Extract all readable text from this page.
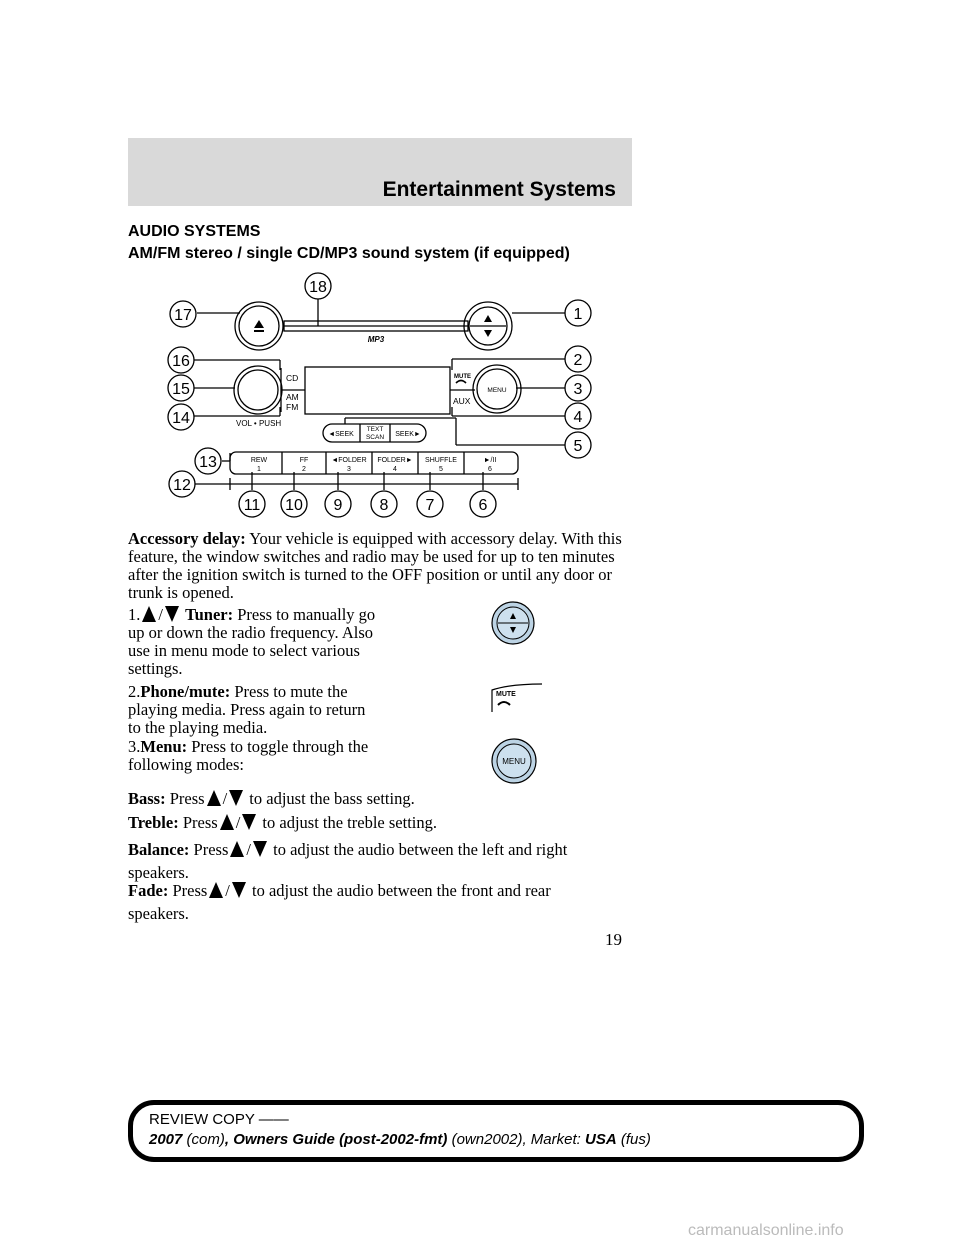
Entertainment Systems
AUDIO SYSTEMS
AM/FM stereo / single CD/MP3 sound system (if equipped)
MP3
CD
AM
FM
VOL • PUSH
MUTE
MENU
AUX
◄SEEK
TEXT
SCAN SEEK►
REW
1
FF
2
◄FOLDER
3
FOLDER►
4
SHUFFLE
5
►/II
6
1
2
3
4
5
6
7
8
9
10
11
12
13
14
15
16
17
18
Accessory delay: Your vehicle is equipped with accessory delay. With this feature, the window switches and radio may be used for up to ten minutes after the ignition switch is turned to the OFF position or until any door or trunk is opened.
1. / Tuner: Press to manually go up or down the radio frequency. Also use in menu mode to select various settings.
2.Phone/mute: Press to mute the playing media. Press again to return to the playing media.
MUTE
3.Menu: Press to toggle through the following modes:	MENU
Bass: Press / to adjust the bass setting.
Treble: Press / to adjust the treble setting.
Balance: Press / to adjust the audio between the left and right
speakers.
Fade: Press / to adjust the audio between the front and rear
speakers.
19
REVIEW COPY ——
2007 (com), Owners Guide (post-2002-fmt) (own2002), Market: USA (fus)
carmanualsonline.info
